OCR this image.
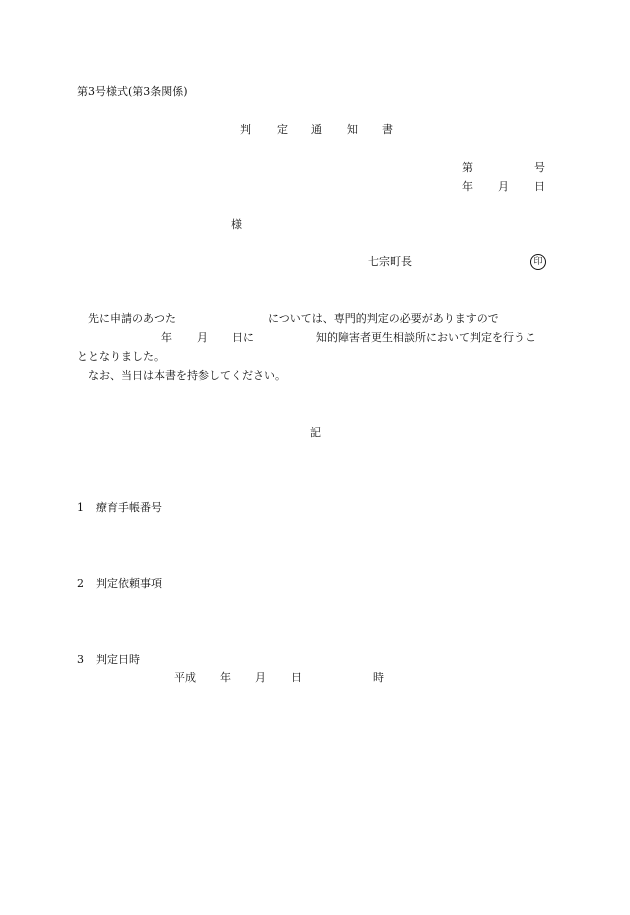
第3号様式(第3条関係)
判 定 通 知 書
第	号
年 月 日
様
七宗町長	印
先に申請のあつた	については、専門的判定の必要がありますので
年 月 日に	知的障害者更生相談所において判定を行うこ
ととなりました。
なお、当日は本書を持参してください。
記
1 療育手帳番号
2 判定依頼事項
3 判定日時
平成 年 月 日	時
